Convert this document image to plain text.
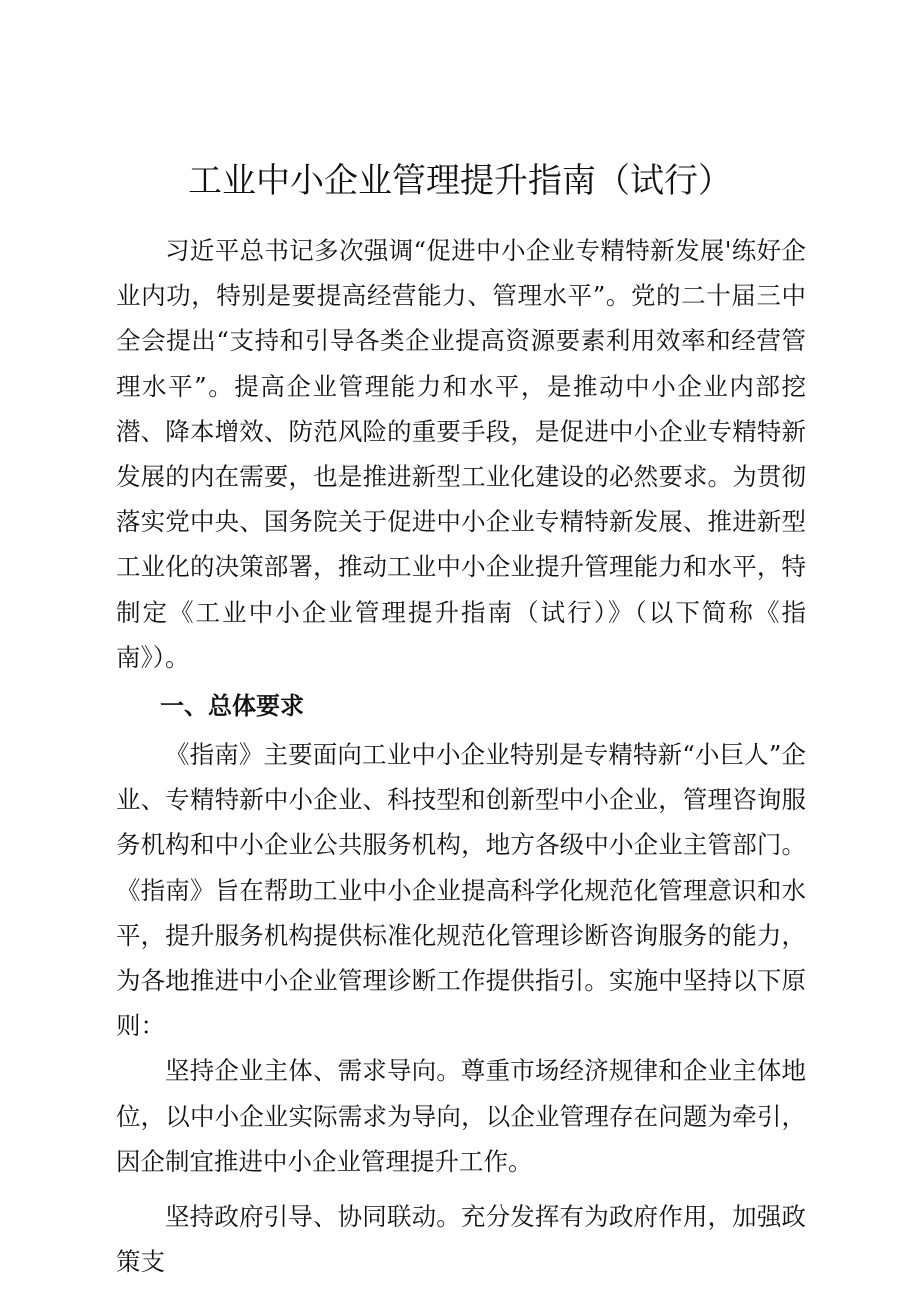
工业中小企业管理提升指南（试行）

习近平总书记多次强调“促进中小企业专精特新发展'练好企业内功，特别是要提高经营能力、管理水平”。党的二十届三中全会提出“支持和引导各类企业提高资源要素利用效率和经营管理水平”。提高企业管理能力和水平，是推动中小企业内部挖潜、降本增效、防范风险的重要手段，是促进中小企业专精特新发展的内在需要，也是推进新型工业化建设的必然要求。为贯彻落实党中央、国务院关于促进中小企业专精特新发展、推进新型工业化的决策部署，推动工业中小企业提升管理能力和水平，特制定《工业中小企业管理提升指南（试行）》（以下简称《指南》）。

一、总体要求

《指南》主要面向工业中小企业特别是专精特新“小巨人”企业、专精特新中小企业、科技型和创新型中小企业，管理咨询服务机构和中小企业公共服务机构，地方各级中小企业主管部门。《指南》旨在帮助工业中小企业提高科学化规范化管理意识和水平，提升服务机构提供标准化规范化管理诊断咨询服务的能力，为各地推进中小企业管理诊断工作提供指引。实施中坚持以下原则：

坚持企业主体、需求导向。尊重市场经济规律和企业主体地位，以中小企业实际需求为导向，以企业管理存在问题为牵引，因企制宜推进中小企业管理提升工作。

坚持政府引导、协同联动。充分发挥有为政府作用，加强政策支
